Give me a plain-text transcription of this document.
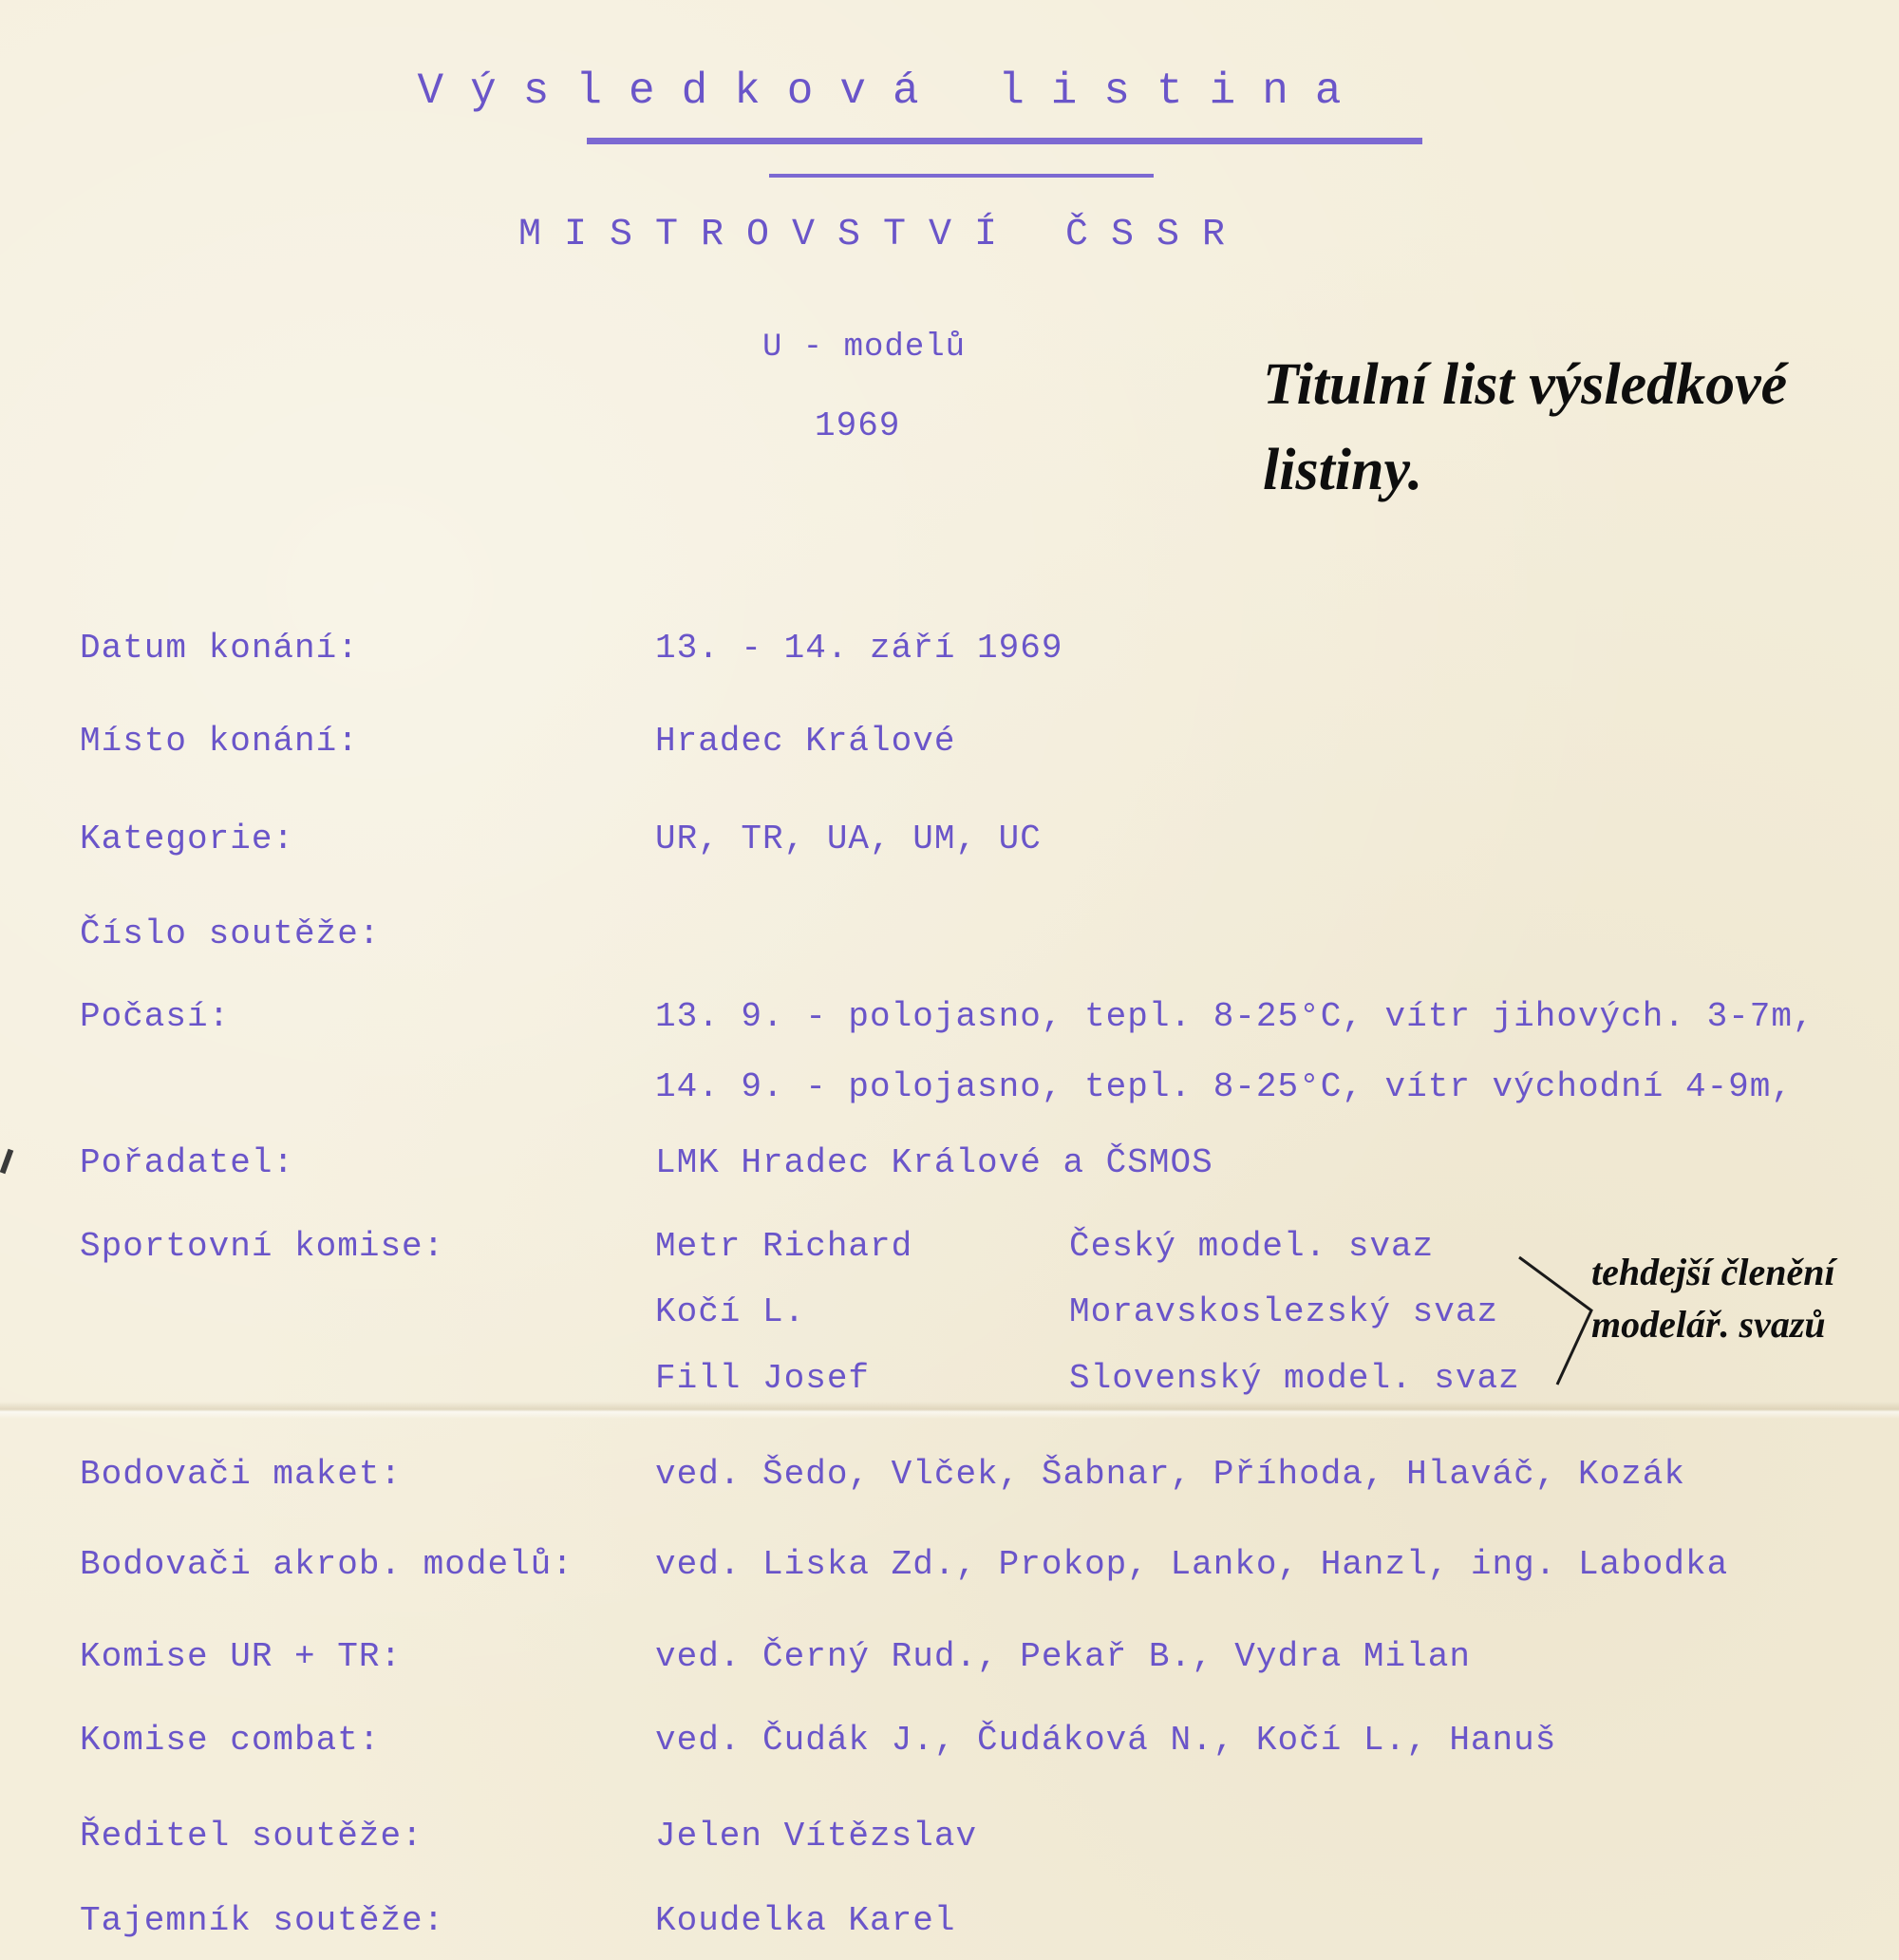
Výsledková listina
MISTROVSTVÍ ČSSR
U - modelů
1969
Titulní list výsledkové listiny.
Datum konání:	13. - 14. září 1969
Místo konání:	Hradec Králové
Kategorie:	UR, TR, UA, UM, UC
Číslo soutěže:
Počasí:	13. 9. - polojasno, tepl. 8-25°C, vítr jihových. 3-7m,
14. 9. - polojasno, tepl. 8-25°C, vítr východní 4-9m,
Pořadatel:	LMK Hradec Králové a ČSMOS
Sportovní komise:	Metr Richard	Český model. svaz
Kočí L.	Moravskoslezský svaz
Fill Josef	Slovenský model. svaz
Bodovači maket:	ved. Šedo, Vlček, Šabnar, Příhoda, Hlaváč, Kozák
Bodovači akrob. modelů: ved. Liska Zd., Prokop, Lanko, Hanzl, ing. Labodka
Komise UR + TR:	ved. Černý Rud., Pekař B., Vydra Milan
Komise combat:	ved. Čudák J., Čudáková N., Kočí L., Hanuš
Ředitel soutěže:	Jelen Vítězslav
Tajemník soutěže:	Koudelka Karel
tehdejší členění
modelář. svazů
